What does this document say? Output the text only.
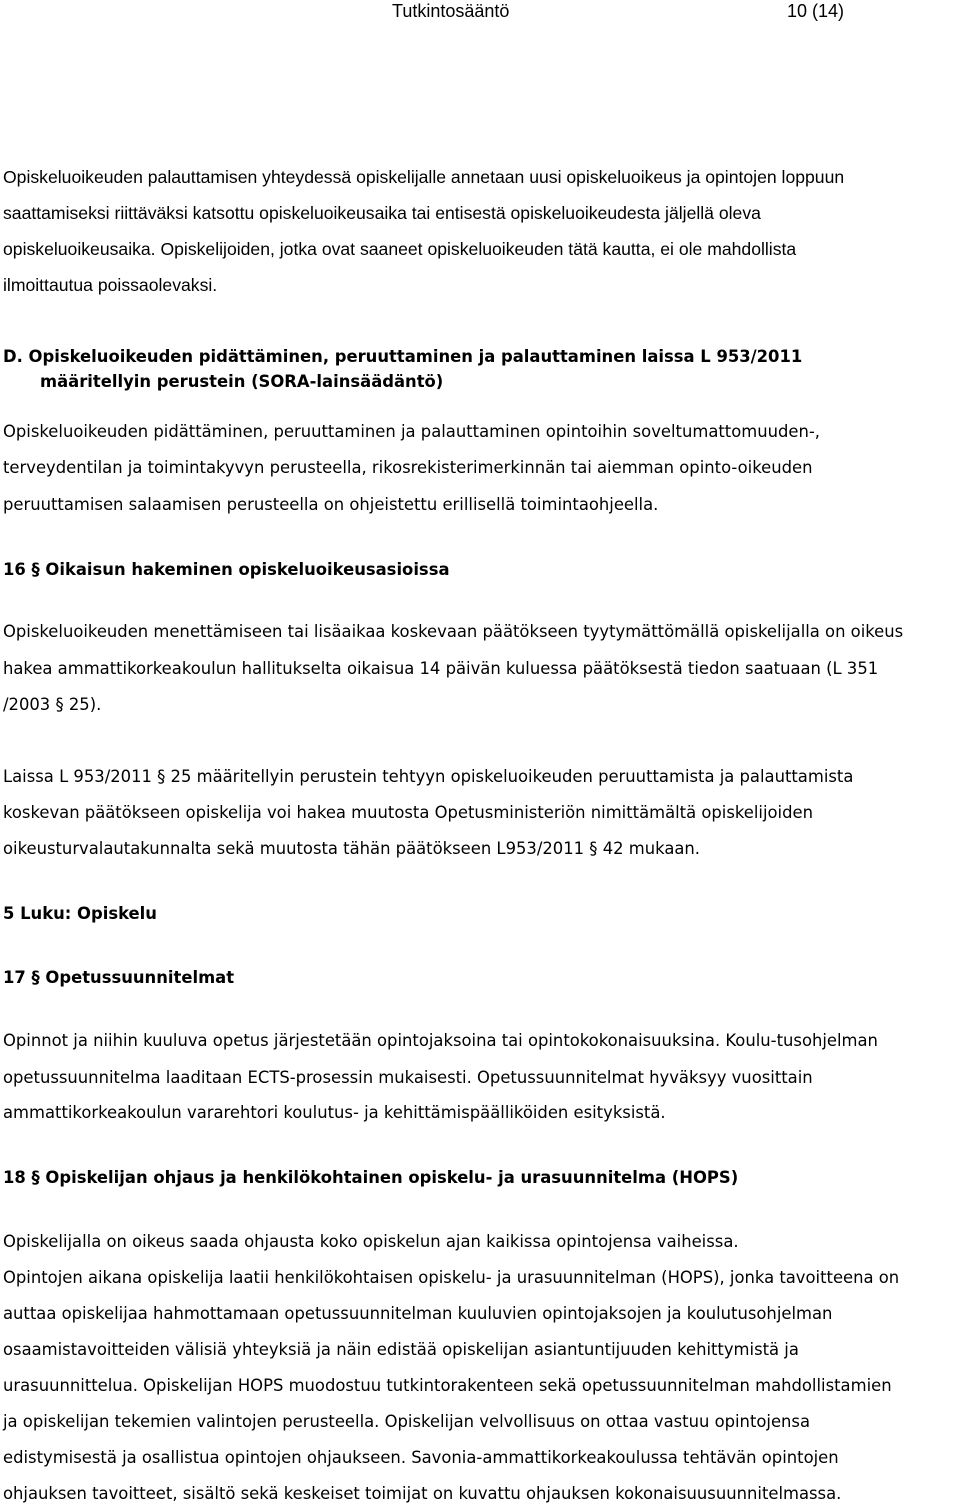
Tutkintosääntö	10 (14)

Opiskeluoikeuden palauttamisen yhteydessä opiskelijalle annetaan uusi opiskeluoikeus ja opintojen loppuun

saattamiseksi riittäväksi katsottu opiskeluoikeusaika tai entisestä opiskeluoikeudesta jäljellä oleva

opiskeluoikeusaika. Opiskelijoiden, jotka ovat saaneet opiskeluoikeuden tätä kautta, ei ole mahdollista

ilmoittautua poissaolevaksi.

D. Opiskeluoikeuden pidättäminen, peruuttaminen ja palauttaminen laissa L 953/2011

määritellyin perustein (SORA-lainsäädäntö)

Opiskeluoikeuden pidättäminen, peruuttaminen ja palauttaminen opintoihin soveltumattomuuden-,

terveydentilan ja toimintakyvyn perusteella, rikosrekisterimerkinnän tai aiemman opinto-oikeuden

peruuttamisen salaamisen perusteella on ohjeistettu erillisellä toimintaohjeella.

16 § Oikaisun hakeminen opiskeluoikeusasioissa

Opiskeluoikeuden menettämiseen tai lisäaikaa koskevaan päätökseen tyytymättömällä opiskelijalla on oikeus

hakea ammattikorkeakoulun hallitukselta oikaisua 14 päivän kuluessa päätöksestä tiedon saatuaan (L 351

/2003 § 25).

Laissa L 953/2011 § 25 määritellyin perustein tehtyyn opiskeluoikeuden peruuttamista ja palauttamista

koskevan päätökseen opiskelija voi hakea muutosta Opetusministeriön nimittämältä opiskelijoiden

oikeusturvalautakunnalta sekä muutosta tähän päätökseen L953/2011 § 42 mukaan.

5 Luku: Opiskelu

17 § Opetussuunnitelmat

Opinnot ja niihin kuuluva opetus järjestetään opintojaksoina tai opintokokonaisuuksina. Koulu-tusohjelman

opetussuunnitelma laaditaan ECTS-prosessin mukaisesti. Opetussuunnitelmat hyväksyy vuosittain

ammattikorkeakoulun vararehtori koulutus- ja kehittämispäälliköiden esityksistä.

18 § Opiskelijan ohjaus ja henkilökohtainen opiskelu- ja urasuunnitelma (HOPS)

Opiskelijalla on oikeus saada ohjausta koko opiskelun ajan kaikissa opintojensa vaiheissa.

Opintojen aikana opiskelija laatii henkilökohtaisen opiskelu- ja urasuunnitelman (HOPS), jonka tavoitteena on

auttaa opiskelijaa hahmottamaan opetussuunnitelman kuuluvien opintojaksojen ja koulutusohjelman

osaamistavoitteiden välisiä yhteyksiä ja näin edistää opiskelijan asiantuntijuuden kehittymistä ja

urasuunnittelua. Opiskelijan HOPS muodostuu tutkintorakenteen sekä opetussuunnitelman mahdollistamien

ja opiskelijan tekemien valintojen perusteella. Opiskelijan velvollisuus on ottaa vastuu opintojensa

edistymisestä ja osallistua opintojen ohjaukseen. Savonia-ammattikorkeakoulussa tehtävän opintojen

ohjauksen tavoitteet, sisältö sekä keskeiset toimijat on kuvattu ohjauksen kokonaisuusuunnitelmassa.
